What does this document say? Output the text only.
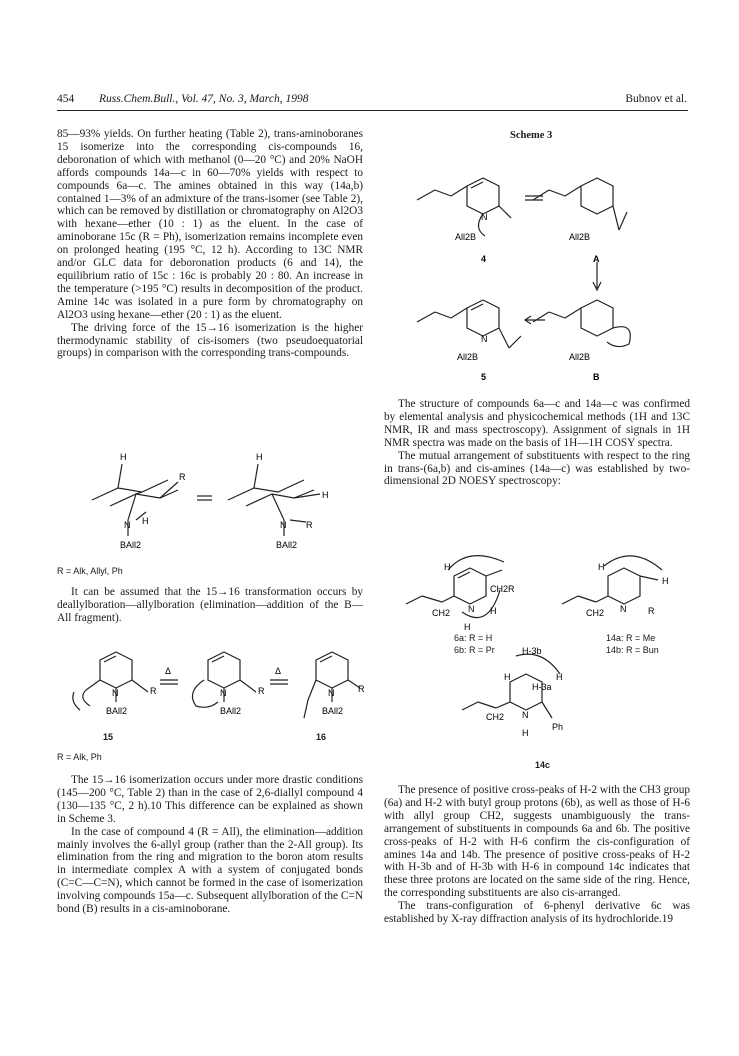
454 Russ.Chem.Bull., Vol. 47, No. 3, March, 1998	Bubnov et al.

85—93% yields. On further heating (Table 2), trans-aminoboranes 15 isomerize into the corresponding cis-compounds 16, deboronation of which with methanol (0—20 °C) and 20% NaOH affords compounds 14a—c in 60—70% yields with respect to compounds 6a—c. The amines obtained in this way (14a,b) contained 1—3% of an admixture of the trans-isomer (see Table 2), which can be removed by distillation or chromatography on Al2O3 with hexane—ether (10 : 1) as the eluent. In the case of aminoborane 15c (R = Ph), isomerization remains incomplete even on prolonged heating (195 °C, 12 h). According to 13C NMR and/or GLC data for deboronation products (6 and 14), the equilibrium ratio of 15c : 16c is probably 20 : 80. An increase in the temperature (>195 °C) results in decomposition of the product. Amine 14c was isolated in a pure form by chromatography on Al2O3 using hexane—ether (20 : 1) as the eluent.

The driving force of the 15→16 isomerization is the higher thermodynamic stability of cis-isomers (two pseudoequatorial groups) in comparison with the corresponding trans-compounds.

H
R
N H
BAll2
H
H
N R
BAll2
R = Alk, Allyl, Ph

It can be assumed that the 15→16 transformation occurs by deallylboration—allylboration (elimination—addition of the B—All fragment).

N	R
BAll2
Δ
N	R
BAll2
Δ
N	R
BAll2
15	16
R = Alk, Ph

The 15→16 isomerization occurs under more drastic conditions (145—200 °C, Table 2) than in the case of 2,6-diallyl compound 4 (130—135 °C, 2 h).10 This difference can be explained as shown in Scheme 3.

In the case of compound 4 (R = All), the elimination—addition mainly involves the 6-allyl group (rather than the 2-All group). Its elimination from the ring and migration to the boron atom results in intermediate complex A with a system of conjugated bonds (C=C—C=N), which cannot be formed in the case of isomerization involving compounds 15a—c. Subsequent allylboration of the C=N bond (B) results in a cis-aminoborane.

Scheme 3
N
All2B
4
All2B
A
N
All2B
5
All2B
B

The structure of compounds 6a—c and 14a—c was confirmed by elemental analysis and physicochemical methods (1H and 13C NMR, IR and mass spectroscopy). Assignment of signals in 1H NMR spectra was made on the basis of 1H—1H COSY spectra.

The mutual arrangement of substituents with respect to the ring in trans-(6a,b) and cis-amines (14a—c) was established by two-dimensional 2D NOESY spectroscopy:

H
CH2R
CH2 N H
H
H
H
CH2 N R
H-3b
H
H-3a
H
CH2 N
Ph
H
6a: R = H
6b: R = Pr
14a: R = Me
14b: R = Bun
14c

The presence of positive cross-peaks of H-2 with the CH3 group (6a) and H-2 with butyl group protons (6b), as well as those of H-6 with allyl group CH2, suggests unambiguously the trans-arrangement of substituents in compounds 6a and 6b. The positive cross-peaks of H-2 with H-6 confirm the cis-configuration of amines 14a and 14b. The presence of positive cross-peaks of H-2 with H-3b and of H-3b with H-6 in compound 14c indicates that these three protons are located on the same side of the ring. Hence, the corresponding substituents are also cis-arranged.

The trans-configuration of 6-phenyl derivative 6c was established by X-ray diffraction analysis of its hydrochloride.19
